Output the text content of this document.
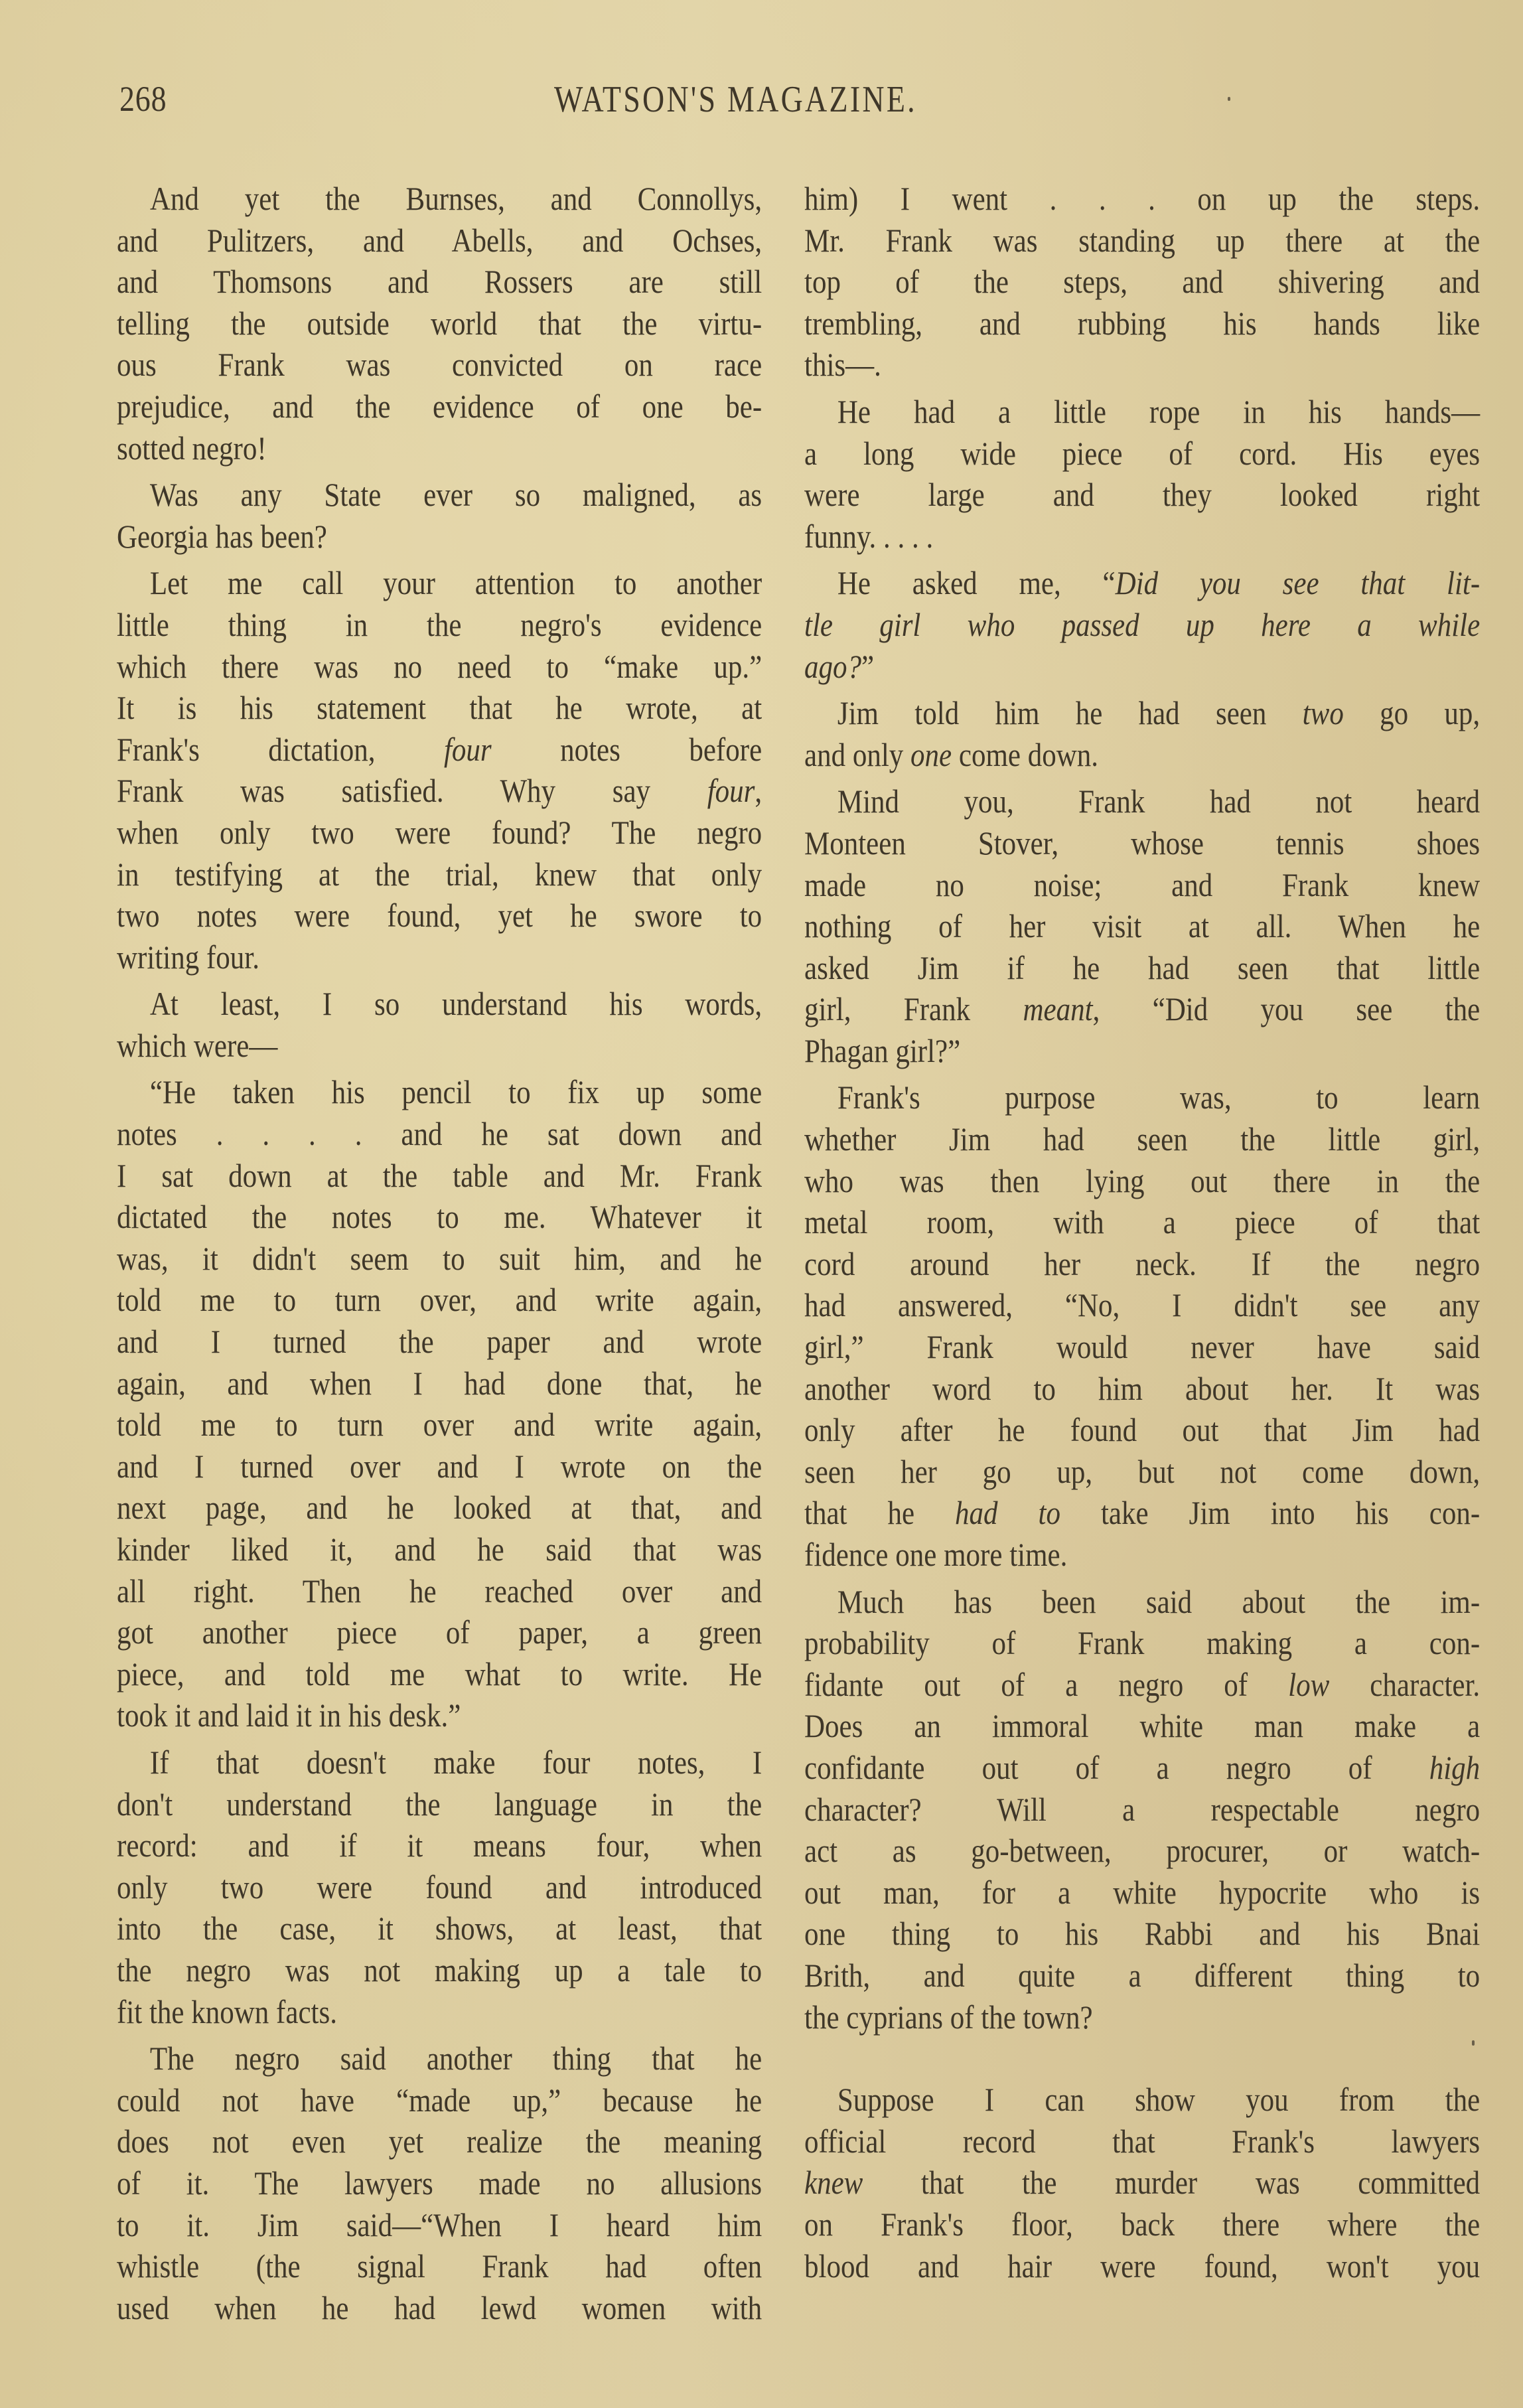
268	WATSON'S MAGAZINE.
And yet the Burnses, and Connollys,
and Pulitzers, and Abells, and Ochses,
and Thomsons and Rossers are still
telling the outside world that the virtu-
ous Frank was convicted on race
prejudice, and the evidence of one be-
sotted negro!
Was any State ever so maligned, as
Georgia has been?
Let me call your attention to another
little thing in the negro's evidence
which there was no need to “make up.”
It is his statement that he wrote, at
Frank's dictation, four notes before
Frank was satisfied. Why say four,
when only two were found? The negro
in testifying at the trial, knew that only
two notes were found, yet he swore to
writing four.
At least, I so understand his words,
which were—
“He taken his pencil to fix up some
notes . . . . and he sat down and
I sat down at the table and Mr. Frank
dictated the notes to me. Whatever it
was, it didn't seem to suit him, and he
told me to turn over, and write again,
and I turned the paper and wrote
again, and when I had done that, he
told me to turn over and write again,
and I turned over and I wrote on the
next page, and he looked at that, and
kinder liked it, and he said that was
all right. Then he reached over and
got another piece of paper, a green
piece, and told me what to write. He
took it and laid it in his desk.”
If that doesn't make four notes, I
don't understand the language in the
record: and if it means four, when
only two were found and introduced
into the case, it shows, at least, that
the negro was not making up a tale to
fit the known facts.
The negro said another thing that he
could not have “made up,” because he
does not even yet realize the meaning
of it. The lawyers made no allusions
to it. Jim said—“When I heard him
whistle (the signal Frank had often
used when he had lewd women with
him) I went . . . on up the steps.
Mr. Frank was standing up there at the
top of the steps, and shivering and
trembling, and rubbing his hands like
this—.
He had a little rope in his hands—
a long wide piece of cord. His eyes
were large and they looked right
funny. . . . .
He asked me, “Did you see that lit-
tle girl who passed up here a while
ago?”
Jim told him he had seen two go up,
and only one come down.
Mind you, Frank had not heard
Monteen Stover, whose tennis shoes
made no noise; and Frank knew
nothing of her visit at all. When he
asked Jim if he had seen that little
girl, Frank meant, “Did you see the
Phagan girl?”
Frank's purpose was, to learn
whether Jim had seen the little girl,
who was then lying out there in the
metal room, with a piece of that
cord around her neck. If the negro
had answered, “No, I didn't see any
girl,” Frank would never have said
another word to him about her. It was
only after he found out that Jim had
seen her go up, but not come down,
that he had to take Jim into his con-
fidence one more time.
Much has been said about the im-
probability of Frank making a con-
fidante out of a negro of low character.
Does an immoral white man make a
confidante out of a negro of high
character? Will a respectable negro
act as go-between, procurer, or watch-
out man, for a white hypocrite who is
one thing to his Rabbi and his Bnai
Brith, and quite a different thing to
the cyprians of the town?
Suppose I can show you from the
official record that Frank's lawyers
knew that the murder was committed
on Frank's floor, back there where the
blood and hair were found, won't you
